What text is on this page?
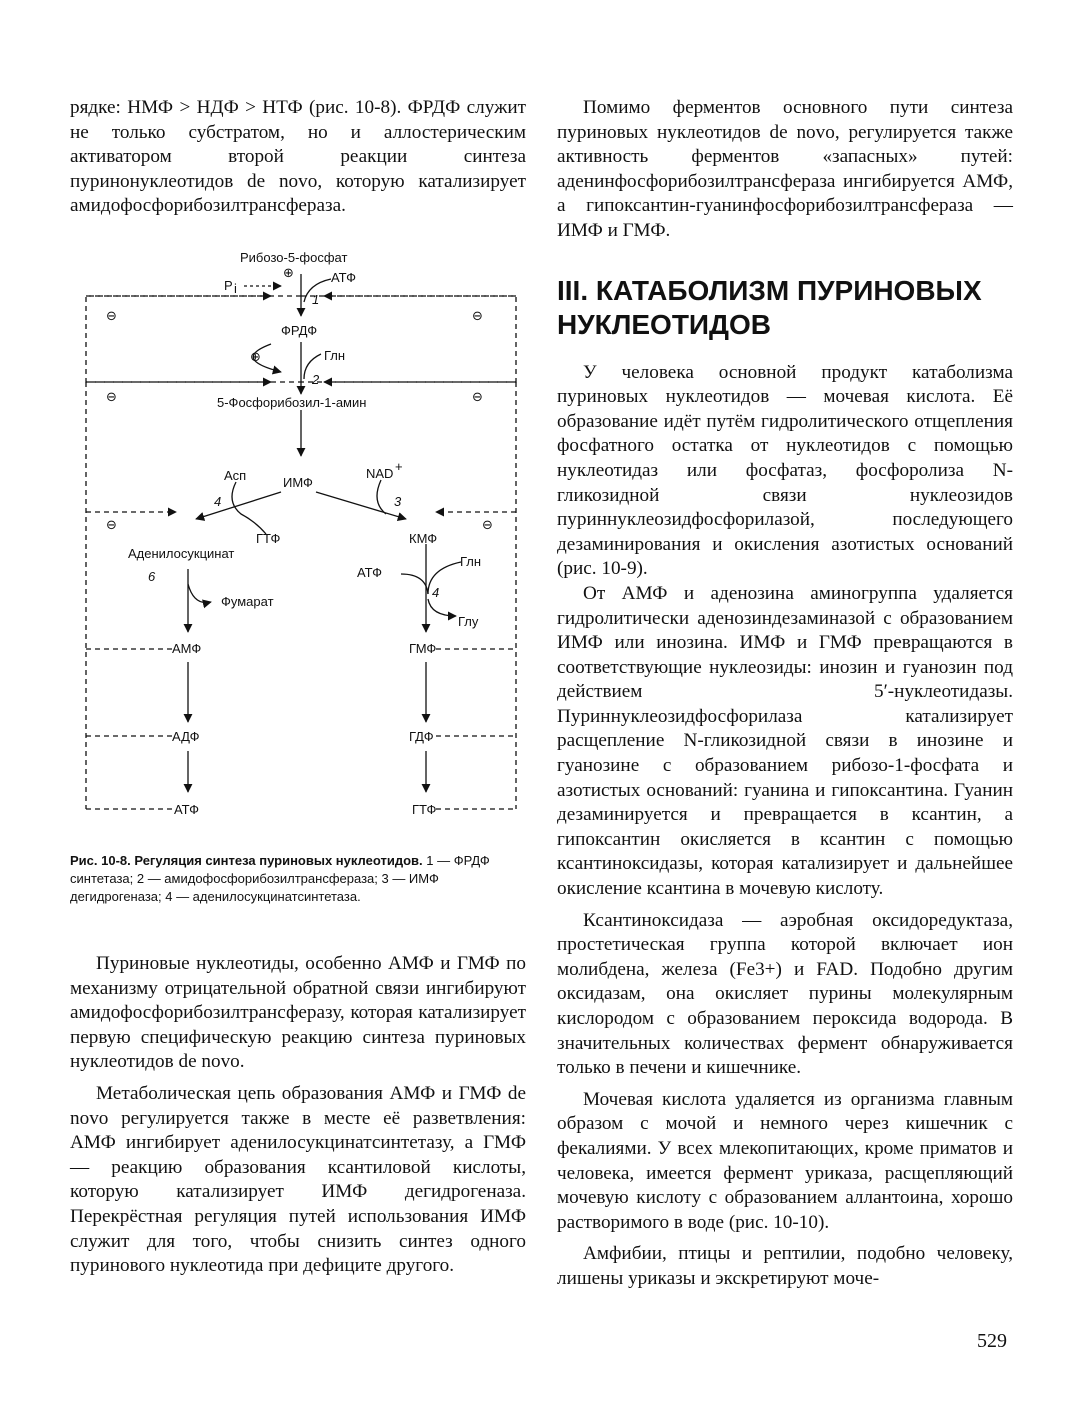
рядке: НМФ > НДФ > НТФ (рис. 10-8). ФРДФ служит не только субстратом, но и аллостерическим активатором второй реакции синтеза пуринонуклеотидов de novo, которую катализирует амидофосфорибозилтрансфераза.

Рибозо-5-фосфат
P i
⊕	АТФ
1
⊖	⊖
ФРДФ
⊕	Глн
2
⊖	⊖
5-Фосфорибозил-1-амин
Асп	ИМФ
NAD +
4	3
⊖	⊖
ГТФ	КМФ
Аденилосукцинат
6	АТФ
Глн
4
Глу
Фумарат
АМФ	ГМФ
АДФ	ГДФ
АТФ	ГТФ
Рис. 10-8. Регуляция синтеза пуриновых нуклеотидов. 1 — ФРДФ синтетаза; 2 — амидофосфорибозилтрансфераза; 3 — ИМФ дегидрогеназа; 4 — аденилосукцинатсинтетаза.

Пуриновые нуклеотиды, особенно АМФ и ГМФ по механизму отрицательной обратной связи ингибируют амидофосфорибозилтрансферазу, которая катализирует первую специфическую реакцию синтеза пуриновых нуклеотидов de novo.

Метаболическая цепь образования АМФ и ГМФ de novo регулируется также в месте её разветвления: АМФ ингибирует аденилосукцинатсинтетазу, а ГМФ — реакцию образования ксантиловой кислоты, которую катализирует ИМФ дегидрогеназа. Перекрёстная регуляция путей использования ИМФ служит для того, чтобы снизить синтез одного пуринового нуклеотида при дефиците другого.

Помимо ферментов основного пути синтеза пуриновых нуклеотидов de novo, регулируется также активность ферментов «запасных» путей: аденинфосфорибозилтрансфераза ингибируется АМФ, а гипоксантин-гуанинфосфорибозилтрансфераза — ИМФ и ГМФ.

III. КАТАБОЛИЗМ ПУРИНОВЫХ НУКЛЕОТИДОВ

У человека основной продукт катаболизма пуриновых нуклеотидов — мочевая кислота. Её образование идёт путём гидролитического отщепления фосфатного остатка от нуклеотидов с помощью нуклеотидаз или фосфатаз, фосфоролиза N-гликозидной связи нуклеозидов пуриннуклеозидфосфорилазой, последующего дезаминирования и окисления азотистых оснований (рис. 10-9).

От АМФ и аденозина аминогруппа удаляется гидролитически аденозиндезаминазой с образованием ИМФ или инозина. ИМФ и ГМФ превращаются в соответствующие нуклеозиды: инозин и гуанозин под действием 5′-нуклеотидазы. Пуриннуклеозидфосфорилаза катализирует расщепление N-гликозидной связи в инозине и гуанозине с образованием рибозо-1-фосфата и азотистых оснований: гуанина и гипоксантина. Гуанин дезаминируется и превращается в ксантин, а гипоксантин окисляется в ксантин с помощью ксантиноксидазы, которая катализирует и дальнейшее окисление ксантина в мочевую кислоту.

Ксантиноксидаза — аэробная оксидоредуктаза, простетическая группа которой включает ион молибдена, железа (Fe3+) и FAD. Подобно другим оксидазам, она окисляет пурины молекулярным кислородом с образованием пероксида водорода. В значительных количествах фермент обнаруживается только в печени и кишечнике.

Мочевая кислота удаляется из организма главным образом с мочой и немного через кишечник с фекалиями. У всех млекопитающих, кроме приматов и человека, имеется фермент уриказа, расщепляющий мочевую кислоту с образованием аллантоина, хорошо растворимого в воде (рис. 10-10).

Амфибии, птицы и рептилии, подобно человеку, лишены уриказы и экскретируют моче-

529
